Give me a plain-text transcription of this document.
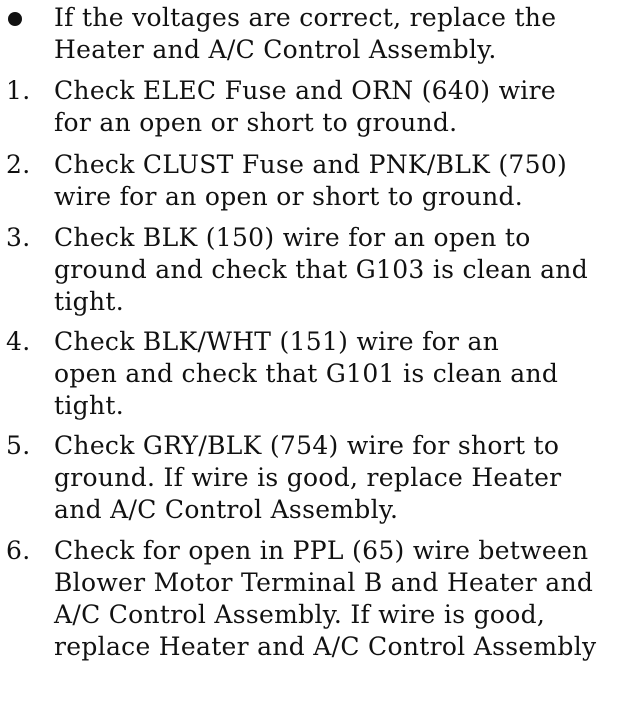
If the voltages are correct, replace the
Heater and A/C Control Assembly.
1. Check ELEC Fuse and ORN (640) wire
for an open or short to ground.
2. Check CLUST Fuse and PNK/BLK (750)
wire for an open or short to ground.
3. Check BLK (150) wire for an open to
ground and check that G103 is clean and
tight.
4. Check BLK/WHT (151) wire for an
open and check that G101 is clean and
tight.
5. Check GRY/BLK (754) wire for short to
ground. If wire is good, replace Heater
and A/C Control Assembly.
6. Check for open in PPL (65) wire between
Blower Motor Terminal B and Heater and
A/C Control Assembly. If wire is good,
replace Heater and A/C Control Assembly
